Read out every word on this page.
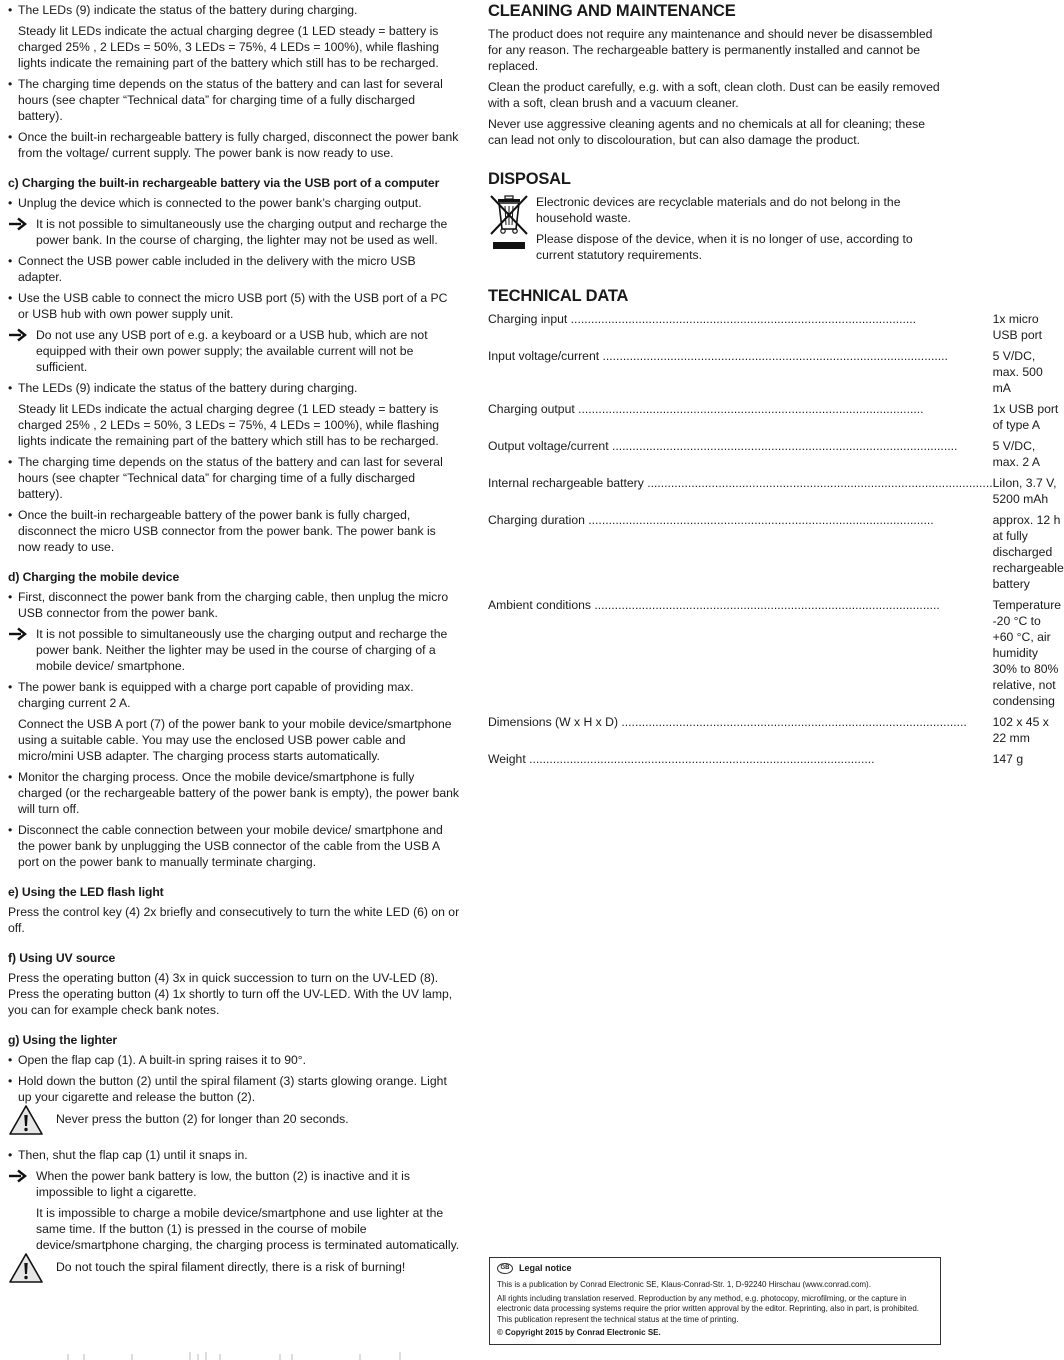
• The LEDs (9) indicate the status of the battery during charging.
Steady lit LEDs indicate the actual charging degree (1 LED steady = battery is charged 25% , 2 LEDs = 50%, 3 LEDs = 75%, 4 LEDs = 100%), while flashing lights indicate the remaining part of the battery which still has to be recharged.
• The charging time depends on the status of the battery and can last for several hours (see chapter “Technical data” for charging time of a fully discharged battery).
• Once the built-in rechargeable battery is fully charged, disconnect the power bank from the voltage/ current supply. The power bank is now ready to use.
c) Charging the built-in rechargeable battery via the USB port of a computer
• Unplug the device which is connected to the power bank’s charging output.
It is not possible to simultaneously use the charging output and recharge the power bank. In the course of charging, the lighter may not be used as well.
• Connect the USB power cable included in the delivery with the micro USB adapter.
• Use the USB cable to connect the micro USB port (5) with the USB port of a PC or USB hub with own power supply unit.
Do not use any USB port of e.g. a keyboard or a USB hub, which are not equipped with their own power supply; the available current will not be sufficient.
• The LEDs (9) indicate the status of the battery during charging.
Steady lit LEDs indicate the actual charging degree (1 LED steady = battery is charged 25% , 2 LEDs = 50%, 3 LEDs = 75%, 4 LEDs = 100%), while flashing lights indicate the remaining part of the battery which still has to be recharged.
• The charging time depends on the status of the battery and can last for several hours (see chapter “Technical data” for charging time of a fully discharged battery).
• Once the built-in rechargeable battery of the power bank is fully charged, disconnect the micro USB connector from the power bank. The power bank is now ready to use.
d) Charging the mobile device
• First, disconnect the power bank from the charging cable, then unplug the micro USB connector from the power bank.
It is not possible to simultaneously use the charging output and recharge the power bank. Neither the lighter may be used in the course of charging of a mobile device/ smartphone.
• The power bank is equipped with a charge port capable of providing max. charging current 2 A.
Connect the USB A port (7) of the power bank to your mobile device/smartphone using a suitable cable. You may use the enclosed USB power cable and micro/mini USB adapter. The charging process starts automatically.
• Monitor the charging process. Once the mobile device/smartphone is fully charged (or the rechargeable battery of the power bank is empty), the power bank will turn off.
• Disconnect the cable connection between your mobile device/ smartphone and the power bank by unplugging the USB connector of the cable from the USB A port on the power bank to manually terminate charging.
e) Using the LED flash light

Press the control key (4) 2x briefly and consecutively to turn the white LED (6) on or off.

f) Using UV source

Press the operating button (4) 3x in quick succession to turn on the UV-LED (8). Press the operating button (4) 1x shortly to turn off the UV-LED. With the UV lamp, you can for example check bank notes.

g) Using the lighter
• Open the flap cap (1). A built-in spring raises it to 90°.
• Hold down the button (2) until the spiral filament (3) starts glowing orange. Light up your cigarette and release the button (2).
Never press the button (2) for longer than 20 seconds.
• Then, shut the flap cap (1) until it snaps in.
When the power bank battery is low, the button (2) is inactive and it is impossible to light a cigarette.
It is impossible to charge a mobile device/smartphone and use lighter at the same time. If the button (1) is pressed in the course of mobile device/smartphone charging, the charging process is terminated automatically.
Do not touch the spiral filament directly, there is a risk of burning!
CLEANING AND MAINTENANCE

The product does not require any maintenance and should never be disassembled for any reason. The rechargeable battery is permanently installed and cannot be replaced.

Clean the product carefully, e.g. with a soft, clean cloth. Dust can be easily removed with a soft, clean brush and a vacuum cleaner.

Never use aggressive cleaning agents and no chemicals at all for cleaning; these can lead not only to discolouration, but can also damage the product.

DISPOSAL

Electronic devices are recyclable materials and do not belong in the household waste.

Please dispose of the device, when it is no longer of use, according to current statutory requirements.

TECHNICAL DATA
Charging input .....	1x micro USB port
Input voltage/current .....	5 V/DC, max. 500 mA
Charging output .....	1x USB port of type A
Output voltage/current .....	5 V/DC, max. 2 A
Internal rechargeable battery .....	LiIon, 3.7 V, 5200 mAh
Charging duration .....	approx. 12 h at fully discharged rechargeable battery
Ambient conditions .....	Temperature -20 °C to +60 °C, air humidity 30% to 80% relative, not condensing
Dimensions (W x H x D) .....	102 x 45 x 22 mm
Weight .....	147 g
GB	Legal notice

This is a publication by Conrad Electronic SE, Klaus-Conrad-Str. 1, D-92240 Hirschau (www.conrad.com).

All rights including translation reserved. Reproduction by any method, e.g. photocopy, microfilming, or the capture in electronic data processing systems require the prior written approval by the editor. Reprinting, also in part, is prohibited. This publication represent the technical status at the time of printing.

© Copyright 2015 by Conrad Electronic SE.
